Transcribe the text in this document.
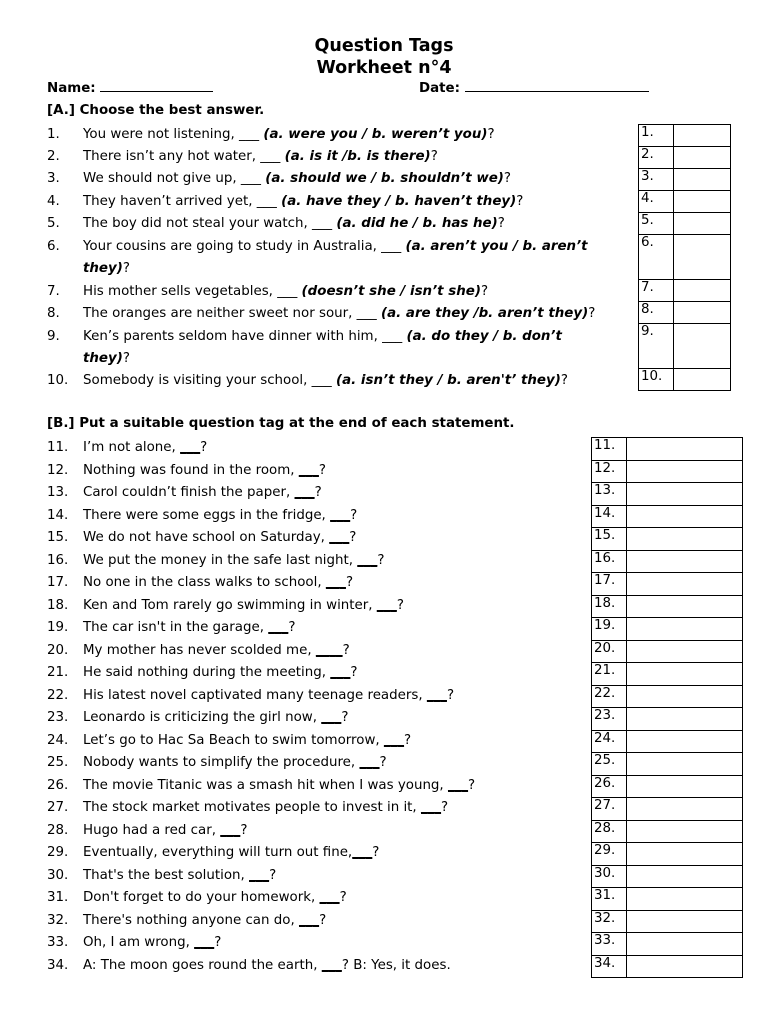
Question Tags
Workheet n°4
Name:	Date:
[A.] Choose the best answer.
1.	You were not listening, ___ (a. were you / b. weren’t you)?
2.	There isn’t any hot water, ___ (a. is it /b. is there)?
3.	We should not give up, ___ (a. should we / b. shouldn’t we)?
4.	They haven’t arrived yet, ___ (a. have they / b. haven’t they)?
5.	The boy did not steal your watch, ___ (a. did he / b. has he)?
6.	Your cousins are going to study in Australia, ___ (a. aren’t you / b. aren’t
they)?
7.	His mother sells vegetables, ___ (doesn’t she / isn’t she)?
8.	The oranges are neither sweet nor sour, ___ (a. are they /b. aren’t they)?
9.	Ken’s parents seldom have dinner with him, ___ (a. do they / b. don’t
they)?
10.	Somebody is visiting your school, ___ (a. isn’t they / b. aren't’ they)?
1.	
2.	
3.	
4.	
5.	
6.	
7.	
8.	
9.	
10.	
[B.] Put a suitable question tag at the end of each statement.
11.	I’m not alone, ___?
12.	Nothing was found in the room, ___?
13.	Carol couldn’t finish the paper, ___?
14.	There were some eggs in the fridge, ___?
15.	We do not have school on Saturday, ___?
16.	We put the money in the safe last night, ___?
17.	No one in the class walks to school, ___?
18.	Ken and Tom rarely go swimming in winter, ___?
19.	The car isn't in the garage, ___?
20.	My mother has never scolded me, ____?
21.	He said nothing during the meeting, ___?
22.	His latest novel captivated many teenage readers, ___?
23.	Leonardo is criticizing the girl now, ___?
24.	Let’s go to Hac Sa Beach to swim tomorrow, ___?
25.	Nobody wants to simplify the procedure, ___?
26.	The movie Titanic was a smash hit when I was young, ___?
27.	The stock market motivates people to invest in it, ___?
28.	Hugo had a red car, ___?
29.	Eventually, everything will turn out fine,___?
30.	That's the best solution, ___?
31.	Don't forget to do your homework, ___?
32.	There's nothing anyone can do, ___?
33.	Oh, I am wrong, ___?
34.	A: The moon goes round the earth, ___? B: Yes, it does.
11.	
12.	
13.	
14.	
15.	
16.	
17.	
18.	
19.	
20.	
21.	
22.	
23.	
24.	
25.	
26.	
27.	
28.	
29.	
30.	
31.	
32.	
33.	
34.	
